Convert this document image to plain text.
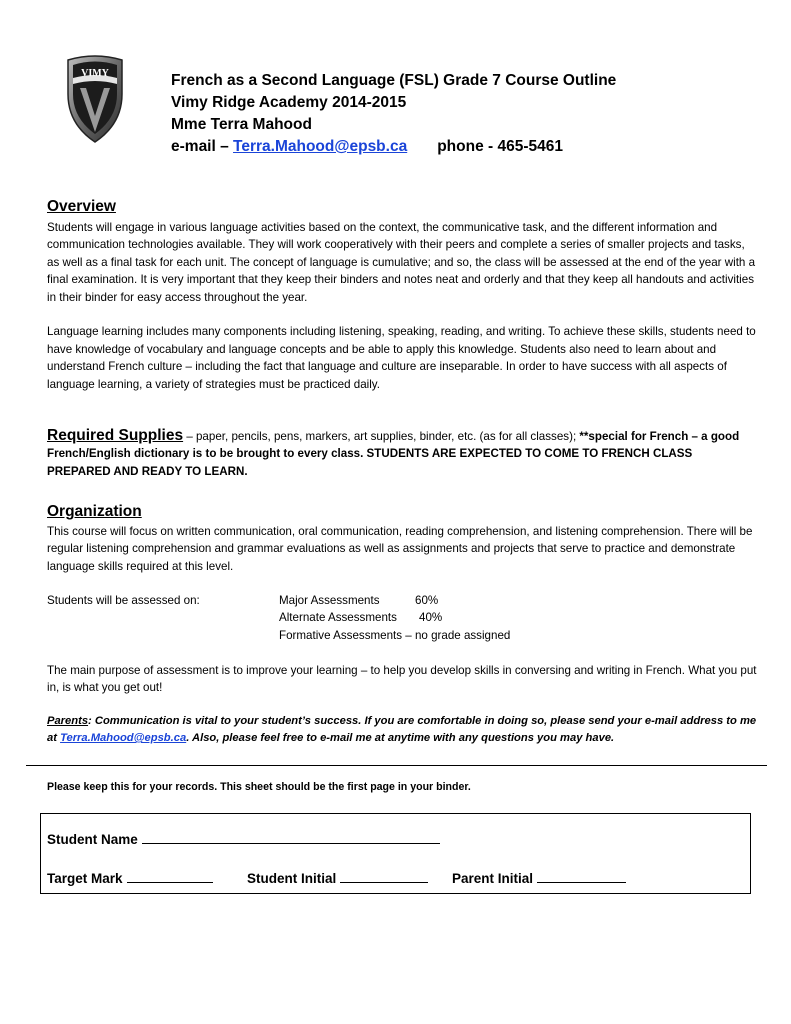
VIMY	French as a Second Language (FSL) Grade 7 Course Outline
Vimy Ridge Academy 2014-2015
Mme Terra Mahood
e-mail – Terra.Mahood@epsb.ca phone - 465-5461
Overview

Students will engage in various language activities based on the context, the communicative task, and the different information and communication technologies available. They will work cooperatively with their peers and complete a series of smaller projects and tasks, as well as a final task for each unit. The concept of language is cumulative; and so, the class will be assessed at the end of the year with a final examination. It is very important that they keep their binders and notes neat and orderly and that they keep all handouts and activities in their binder for easy access throughout the year.

Language learning includes many components including listening, speaking, reading, and writing. To achieve these skills, students need to have knowledge of vocabulary and language concepts and be able to apply this knowledge. Students also need to learn about and understand French culture – including the fact that language and culture are inseparable. In order to have success with all aspects of language learning, a variety of strategies must be practiced daily.

Required Supplies – paper, pencils, pens, markers, art supplies, binder, etc. (as for all classes); **special for French – a good French/English dictionary is to be brought to every class. STUDENTS ARE EXPECTED TO COME TO FRENCH CLASS PREPARED AND READY TO LEARN.
Organization
This course will focus on written communication, oral communication, reading comprehension, and listening comprehension. There will be regular listening comprehension and grammar evaluations as well as assignments and projects that serve to practice and demonstrate language skills required at this level.
Students will be assessed on:	Major Assessments	60%
Alternate Assessments 40%
Formative Assessments – no grade assigned
The main purpose of assessment is to improve your learning – to help you develop skills in conversing and writing in French. What you put in, is what you get out!
Parents: Communication is vital to your student’s success. If you are comfortable in doing so, please send your e-mail address to me at Terra.Mahood@epsb.ca. Also, please feel free to e-mail me at anytime with any questions you may have.
Please keep this for your records. This sheet should be the first page in your binder.
Student Name
Target Mark	Student Initial	Parent Initial
